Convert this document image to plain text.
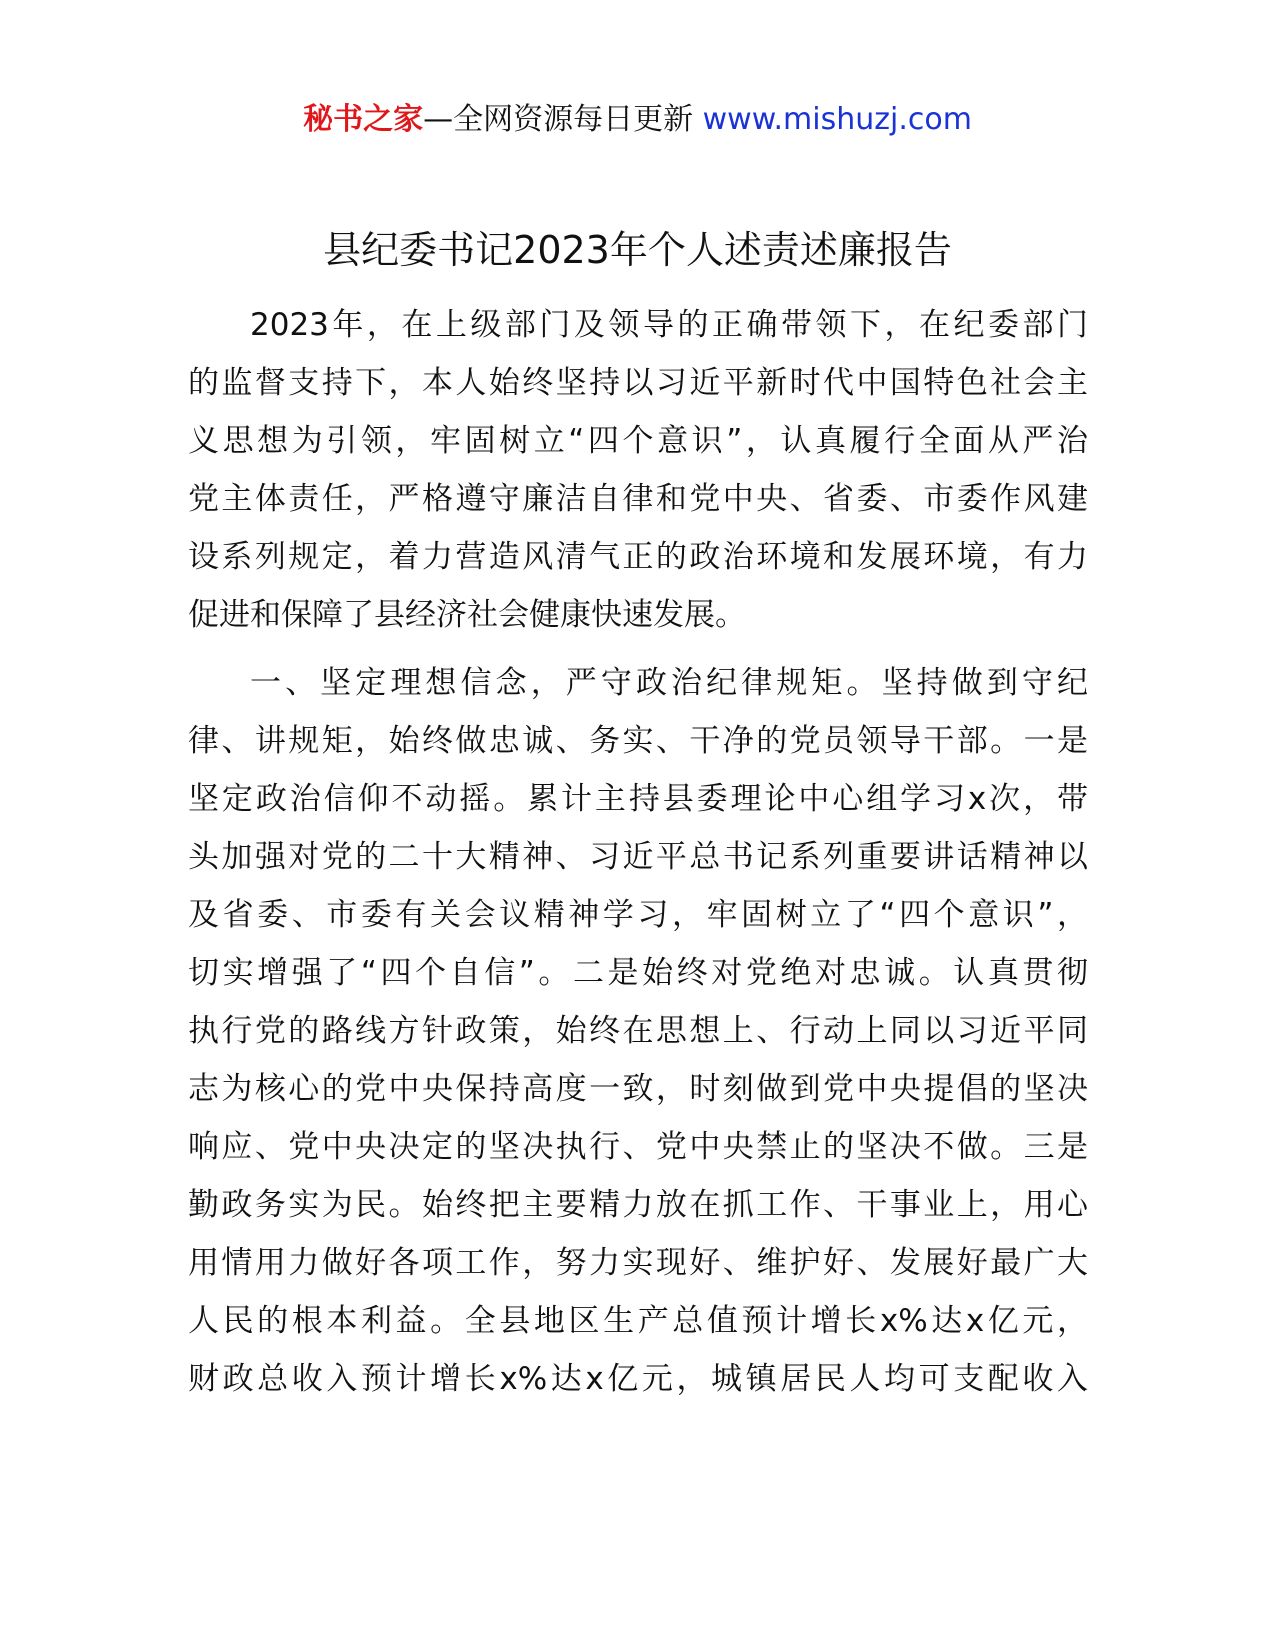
秘书之家—全网资源每日更新 www.mishuzj.com
县纪委书记2023年个人述责述廉报告

2023年，在上级部门及领导的正确带领下，在纪委部门
的监督支持下，本人始终坚持以习近平新时代中国特色社会主
义思想为引领，牢固树立“四个意识”，认真履行全面从严治
党主体责任，严格遵守廉洁自律和党中央、省委、市委作风建
设系列规定，着力营造风清气正的政治环境和发展环境，有力
促进和保障了县经济社会健康快速发展。

一、坚定理想信念，严守政治纪律规矩。坚持做到守纪
律、讲规矩，始终做忠诚、务实、干净的党员领导干部。一是
坚定政治信仰不动摇。累计主持县委理论中心组学习x次，带
头加强对党的二十大精神、习近平总书记系列重要讲话精神以
及省委、市委有关会议精神学习，牢固树立了“四个意识”，
切实增强了“四个自信”。二是始终对党绝对忠诚。认真贯彻
执行党的路线方针政策，始终在思想上、行动上同以习近平同
志为核心的党中央保持高度一致，时刻做到党中央提倡的坚决
响应、党中央决定的坚决执行、党中央禁止的坚决不做。三是
勤政务实为民。始终把主要精力放在抓工作、干事业上，用心
用情用力做好各项工作，努力实现好、维护好、发展好最广大
人民的根本利益。全县地区生产总值预计增长x%达x亿元，
财政总收入预计增长x%达x亿元，城镇居民人均可支配收入
